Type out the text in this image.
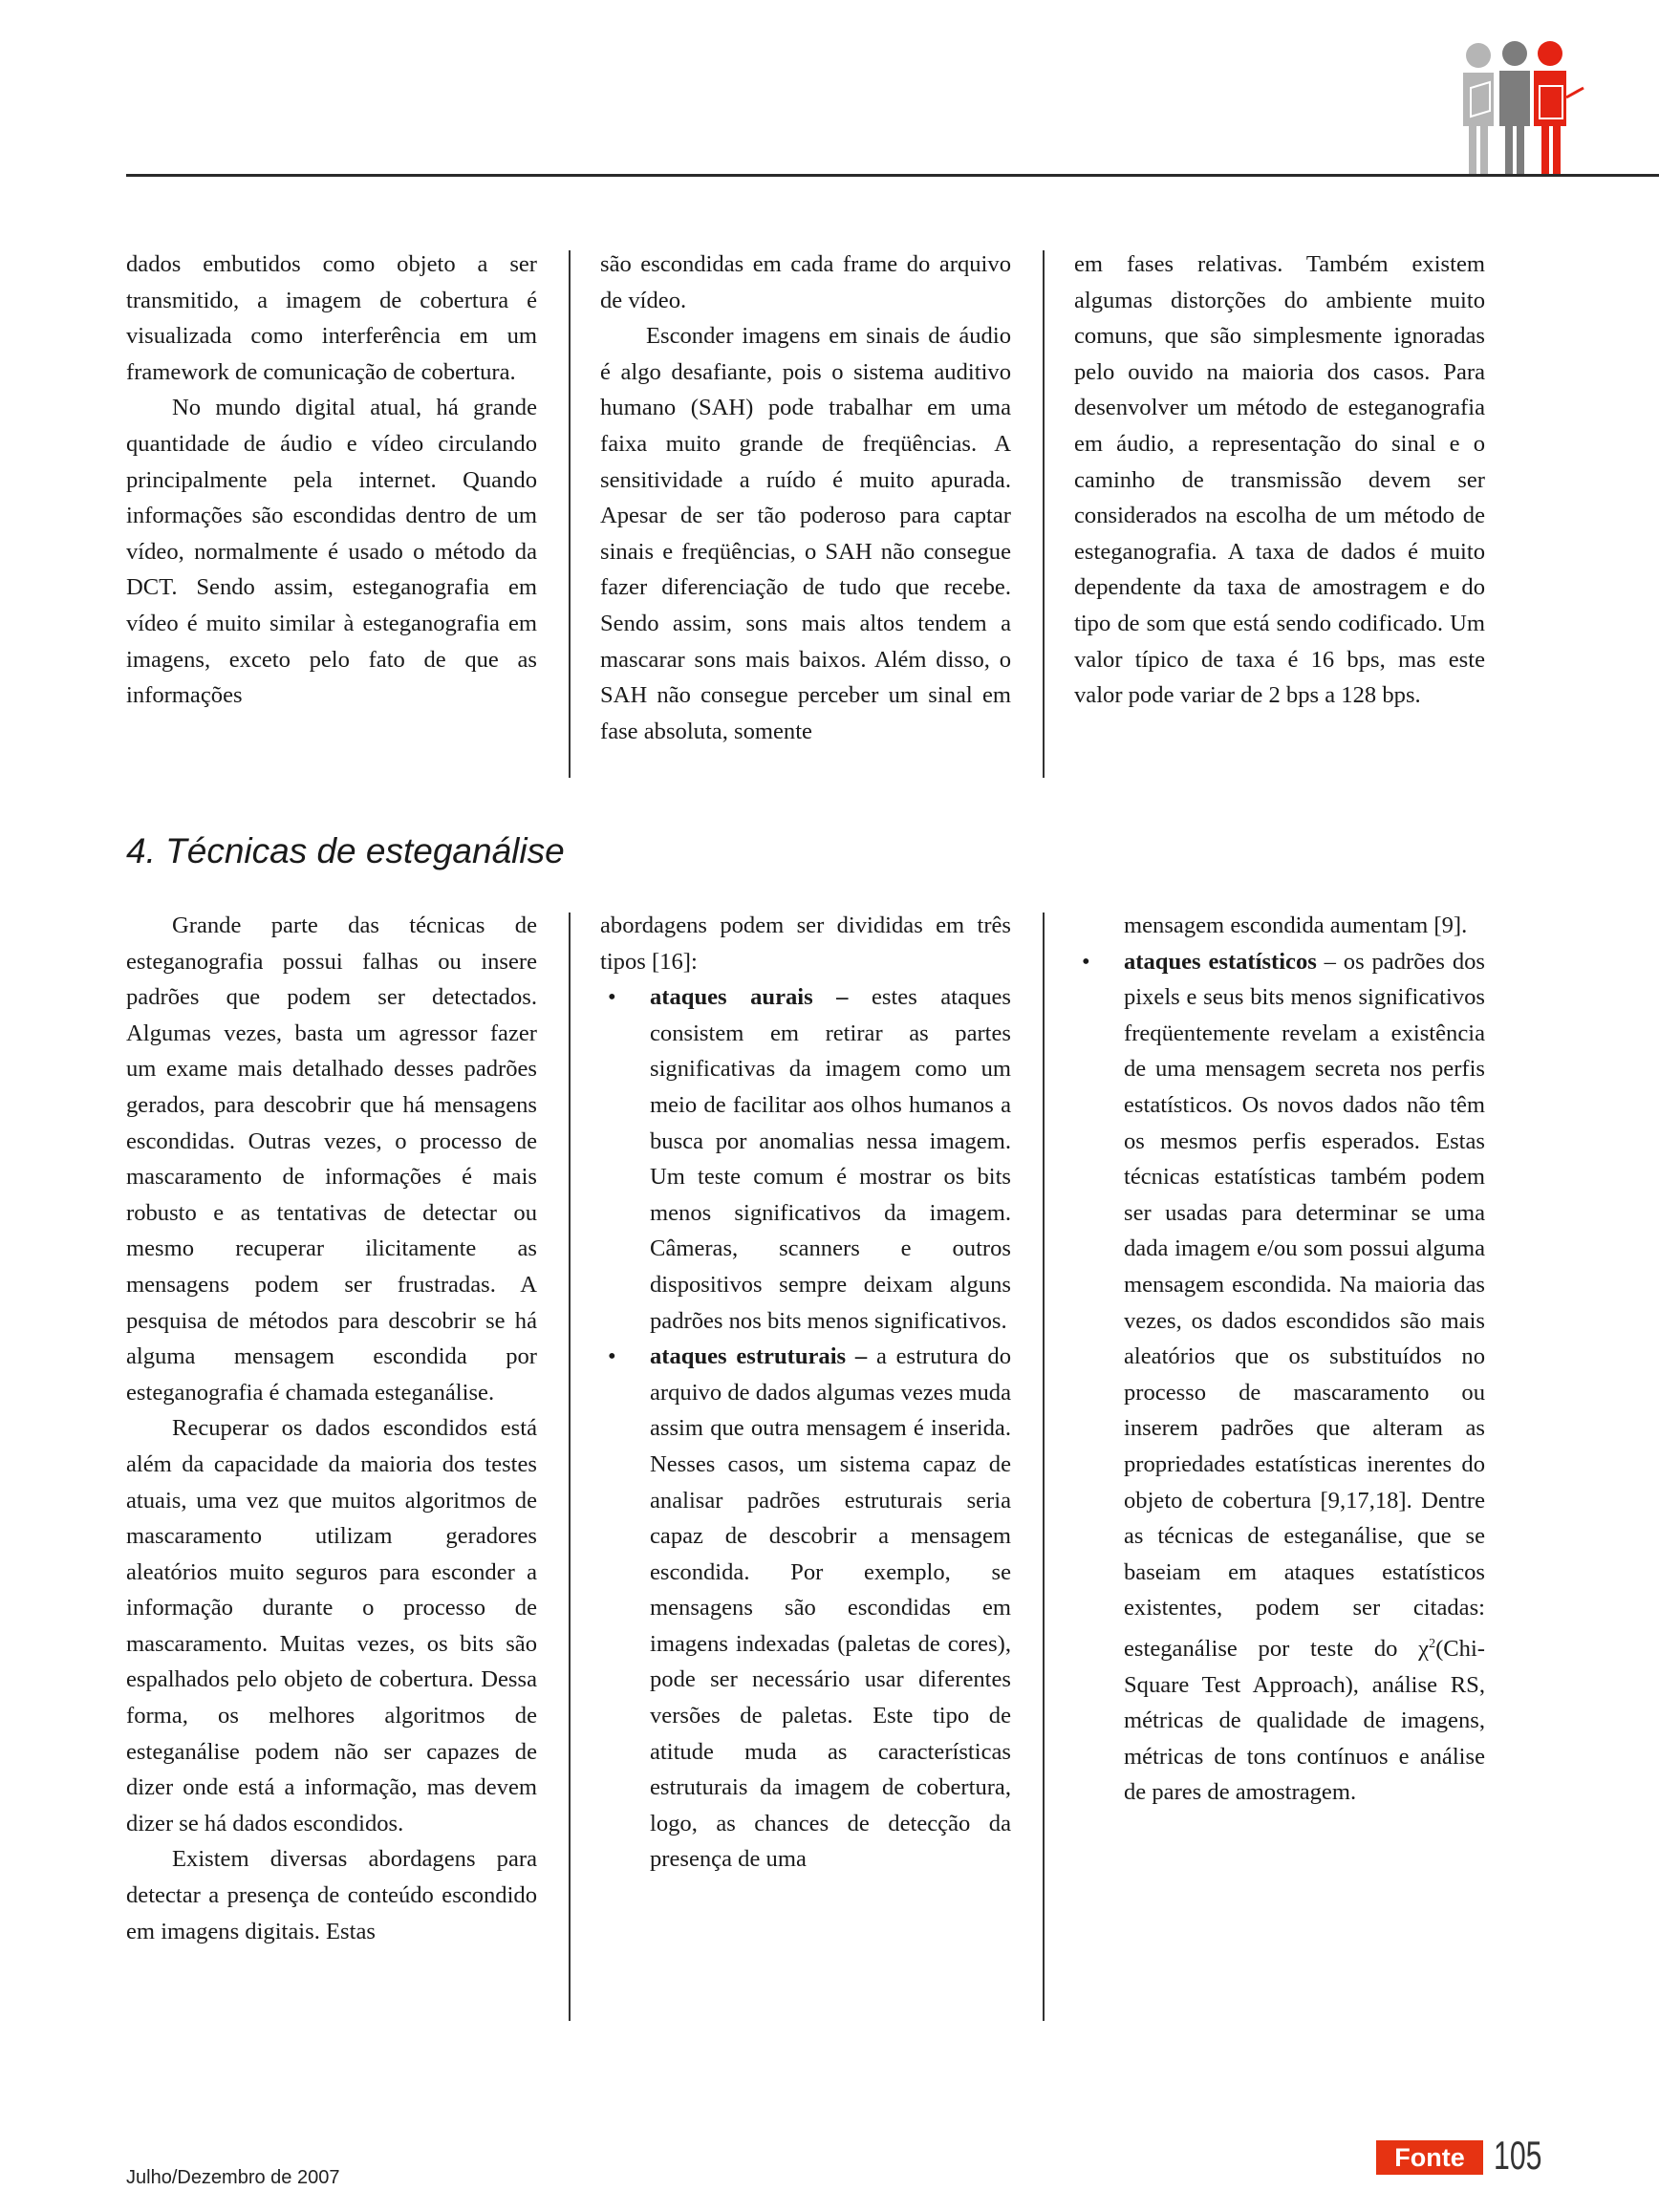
dados embutidos como objeto a ser transmitido, a imagem de cobertura é visualizada como interferência em um framework de comunicação de cobertura.

No mundo digital atual, há grande quantidade de áudio e vídeo circulando principalmente pela internet. Quando informações são escondidas dentro de um vídeo, normalmente é usado o método da DCT. Sendo assim, esteganografia em vídeo é muito similar à esteganografia em imagens, exceto pelo fato de que as informações

são escondidas em cada frame do arquivo de vídeo.

Esconder imagens em sinais de áudio é algo desafiante, pois o sistema auditivo humano (SAH) pode trabalhar em uma faixa muito grande de freqüências. A sensitividade a ruído é muito apurada. Apesar de ser tão poderoso para captar sinais e freqüências, o SAH não consegue fazer diferenciação de tudo que recebe. Sendo assim, sons mais altos tendem a mascarar sons mais baixos. Além disso, o SAH não consegue perceber um sinal em fase absoluta, somente

em fases relativas. Também existem algumas distorções do ambiente muito comuns, que são simplesmente ignoradas pelo ouvido na maioria dos casos. Para desenvolver um método de esteganografia em áudio, a representação do sinal e o caminho de transmissão devem ser considerados na escolha de um método de esteganografia. A taxa de dados é muito dependente da taxa de amostragem e do tipo de som que está sendo codificado. Um valor típico de taxa é 16 bps, mas este valor pode variar de 2 bps a 128 bps.

4. Técnicas de esteganálise

Grande parte das técnicas de esteganografia possui falhas ou insere padrões que podem ser detectados. Algumas vezes, basta um agressor fazer um exame mais detalhado desses padrões gerados, para descobrir que há mensagens escondidas. Outras vezes, o processo de mascaramento de informações é mais robusto e as tentativas de detectar ou mesmo recuperar ilicitamente as mensagens podem ser frustradas. A pesquisa de métodos para descobrir se há alguma mensagem escondida por esteganografia é chamada esteganálise.

Recuperar os dados escondidos está além da capacidade da maioria dos testes atuais, uma vez que muitos algoritmos de mascaramento utilizam geradores aleatórios muito seguros para esconder a informação durante o processo de mascaramento. Muitas vezes, os bits são espalhados pelo objeto de cobertura. Dessa forma, os melhores algoritmos de esteganálise podem não ser capazes de dizer onde está a informação, mas devem dizer se há dados escondidos.

Existem diversas abordagens para detectar a presença de conteúdo escondido em imagens digitais. Estas

abordagens podem ser divididas em três tipos [16]:

• ataques aurais – estes ataques consistem em retirar as partes significativas da imagem como um meio de facilitar aos olhos humanos a busca por anomalias nessa imagem. Um teste comum é mostrar os bits menos significativos da imagem. Câmeras, scanners e outros dispositivos sempre deixam alguns padrões nos bits menos significativos.
• ataques estruturais – a estrutura do arquivo de dados algumas vezes muda assim que outra mensagem é inserida. Nesses casos, um sistema capaz de analisar padrões estruturais seria capaz de descobrir a mensagem escondida. Por exemplo, se mensagens são escondidas em imagens indexadas (paletas de cores), pode ser necessário usar diferentes versões de paletas. Este tipo de atitude muda as características estruturais da imagem de cobertura, logo, as chances de detecção da presença de uma
mensagem escondida aumentam [9].
• ataques estatísticos – os padrões dos pixels e seus bits menos significativos freqüentemente revelam a existência de uma mensagem secreta nos perfis estatísticos. Os novos dados não têm os mesmos perfis esperados. Estas técnicas estatísticas também podem ser usadas para determinar se uma dada imagem e/ou som possui alguma mensagem escondida. Na maioria das vezes, os dados escondidos são mais aleatórios que os substituídos no processo de mascaramento ou inserem padrões que alteram as propriedades estatísticas inerentes do objeto de cobertura [9,17,18]. Dentre as técnicas de esteganálise, que se baseiam em ataques estatísticos existentes, podem ser citadas: esteganálise por teste do $\chi^2(Chi$-Square Test Approach), análise RS, métricas de qualidade de imagens, métricas de tons contínuos e análise de pares de amostragem.
Julho/Dezembro de 2007
Fonte 105
